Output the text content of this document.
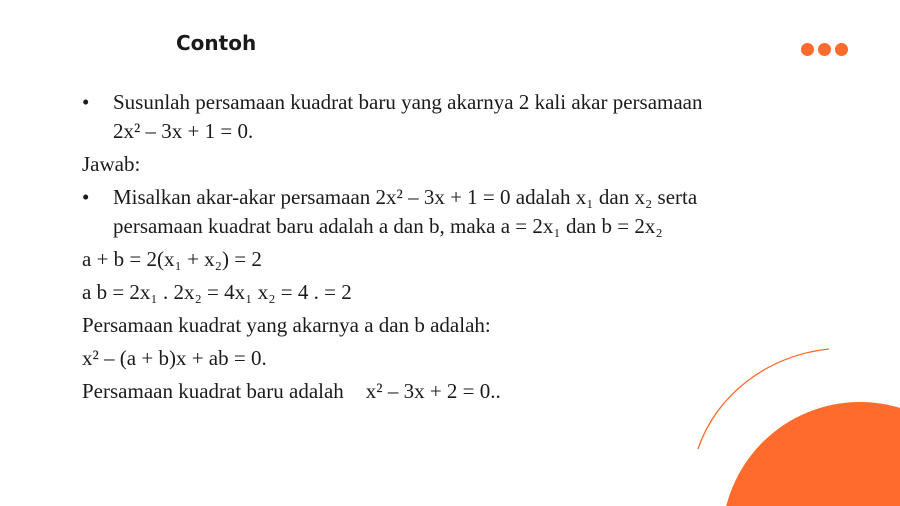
Contoh
•	Susunlah persamaan kuadrat baru yang akarnya 2 kali akar persamaan
2x² – 3x + 1 = 0.
Jawab:
•	Misalkan akar-akar persamaan 2x² – 3x + 1 = 0 adalah x₁ dan x₂ serta
persamaan kuadrat baru adalah a dan b, maka a = 2x₁ dan b = 2x₂
a + b = 2(x₁ + x₂) = 2
a b = 2x₁ . 2x₂ = 4x₁ x₂ = 4 . = 2
Persamaan kuadrat yang akarnya a dan b adalah:
x² – (a + b)x + ab = 0.
Persamaan kuadrat baru adalah x² – 3x + 2 = 0..
